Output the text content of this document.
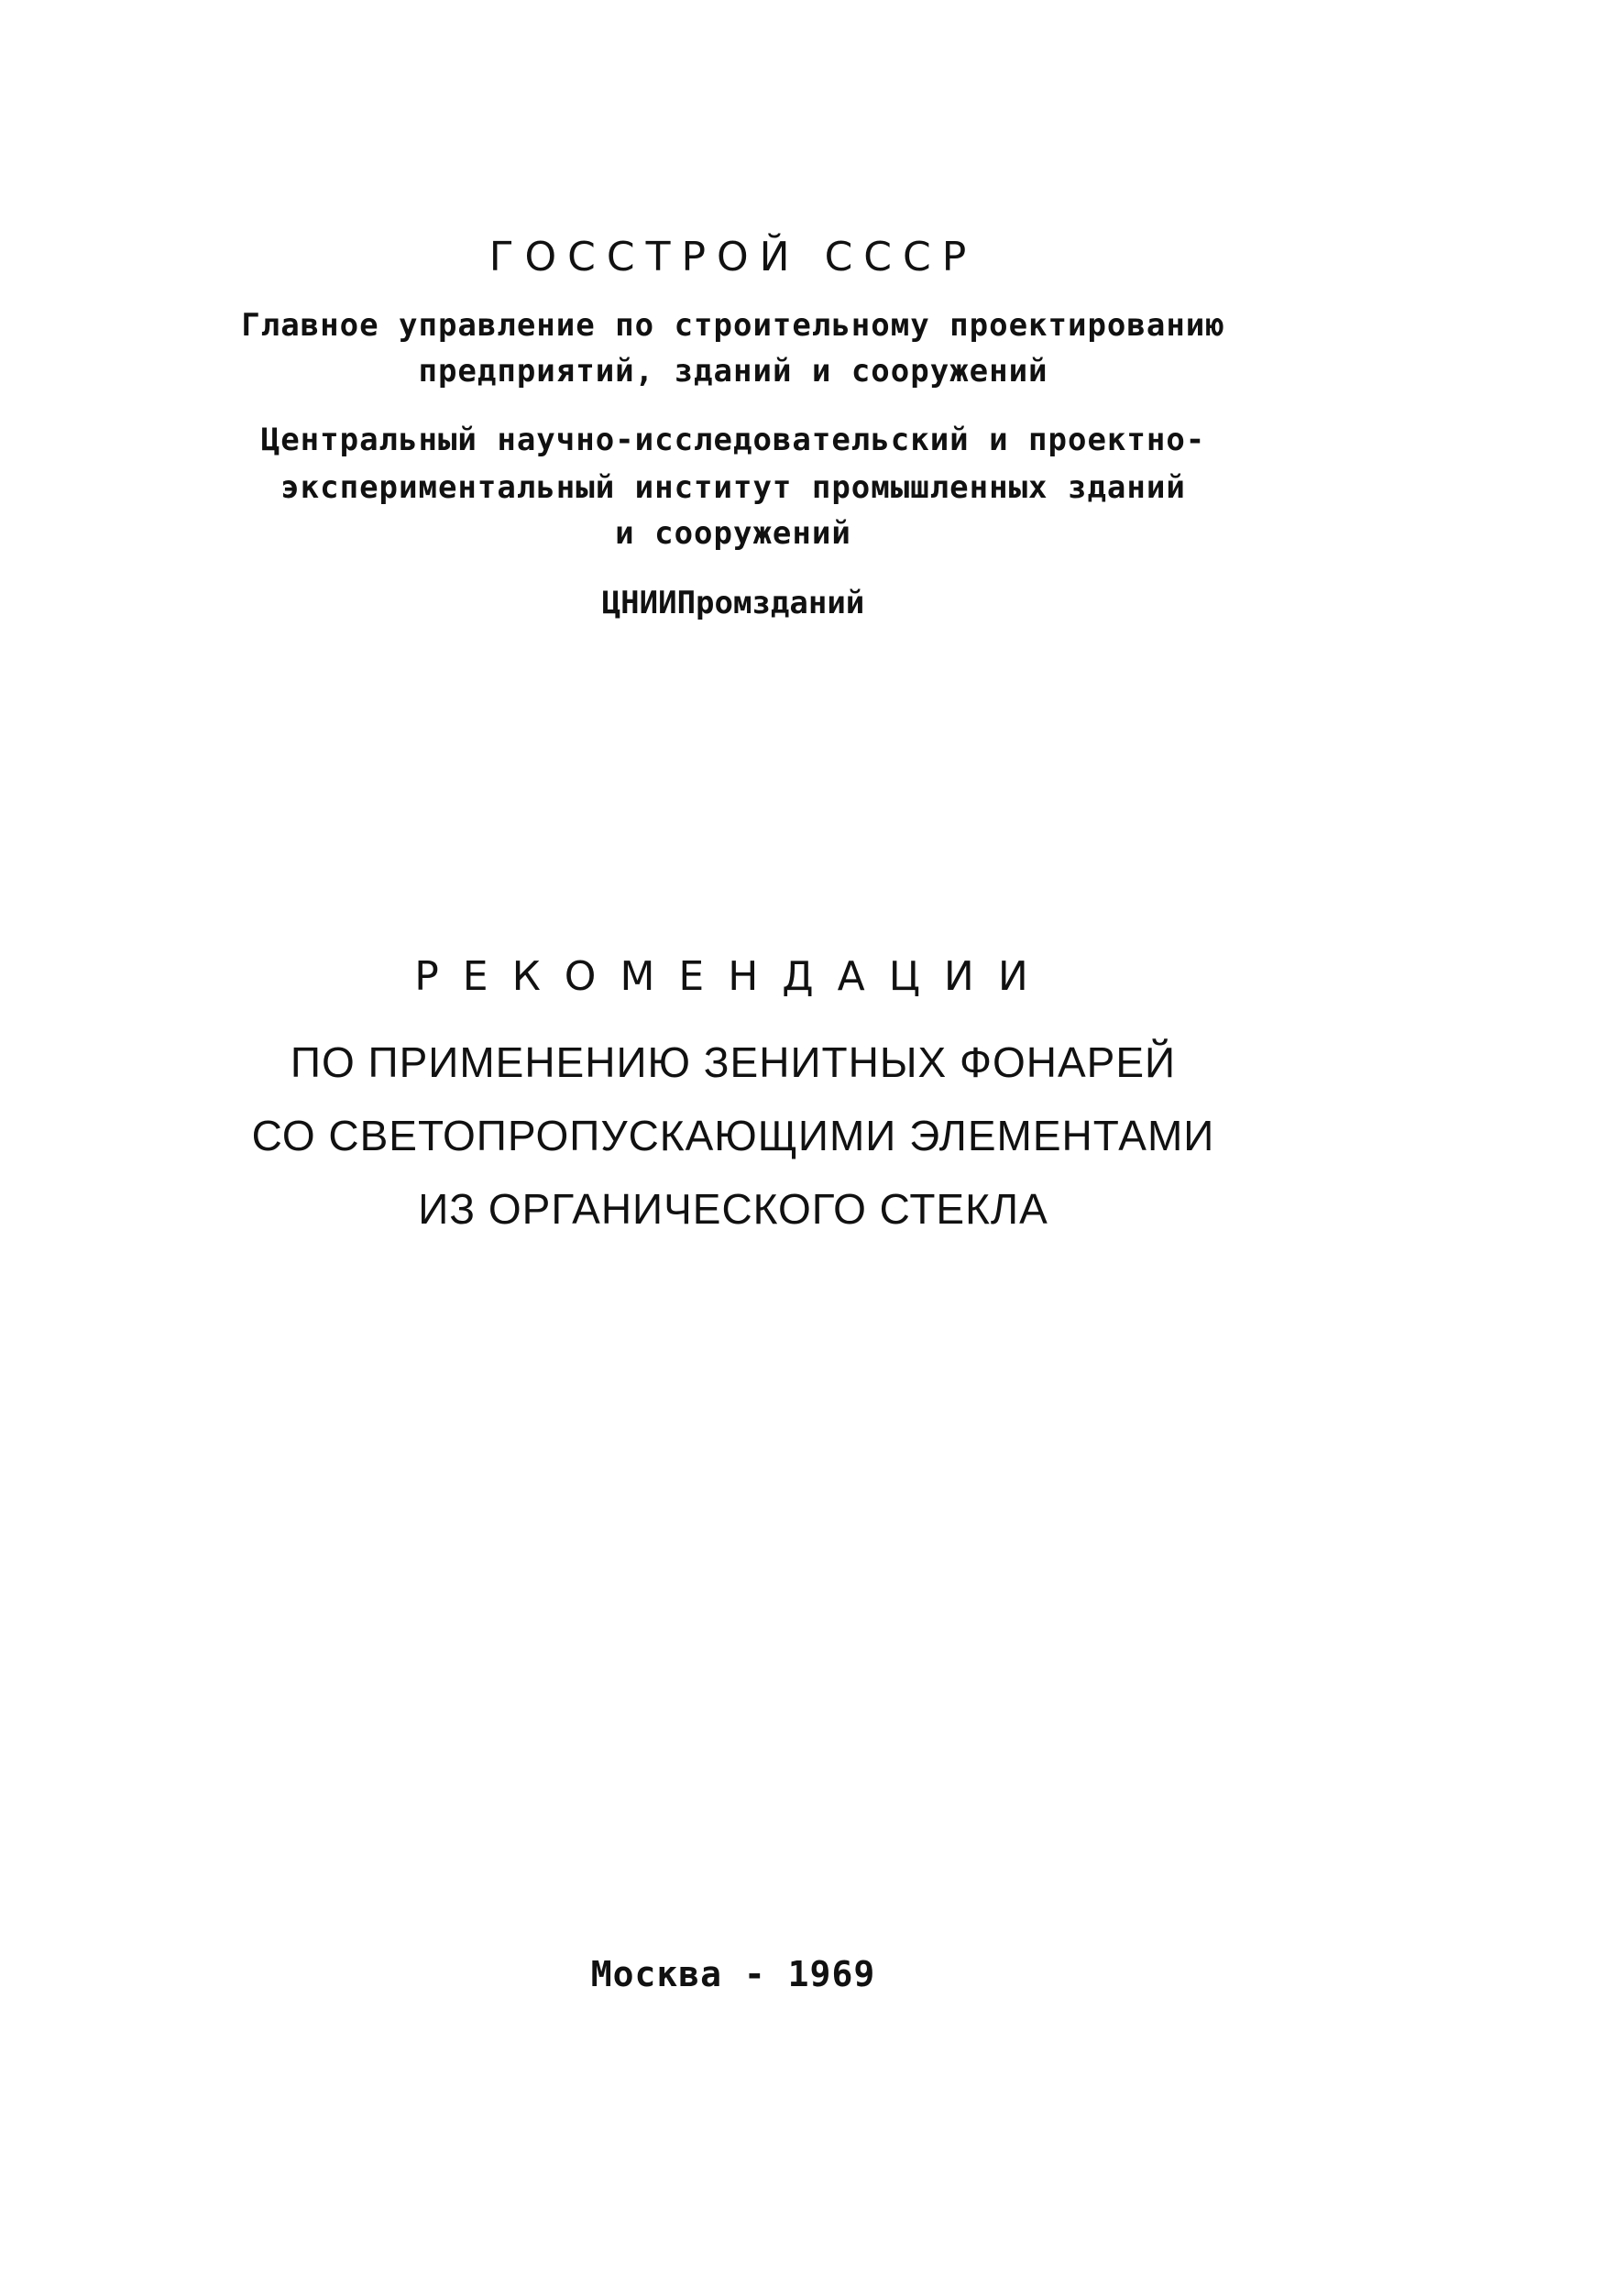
ГОССТРОЙ СССР
Главное управление по строительному проектированию
предприятий, зданий и сооружений
Центральный научно-исследовательский и проектно-
экспериментальный институт промышленных зданий
и сооружений
ЦНИИПромзданий
РЕКОМЕНДАЦИИ
ПО ПРИМЕНЕНИЮ ЗЕНИТНЫХ ФОНАРЕЙ
СО СВЕТОПРОПУСКАЮЩИМИ ЭЛЕМЕНТАМИ
ИЗ ОРГАНИЧЕСКОГО СТЕКЛА
Москва - 1969
